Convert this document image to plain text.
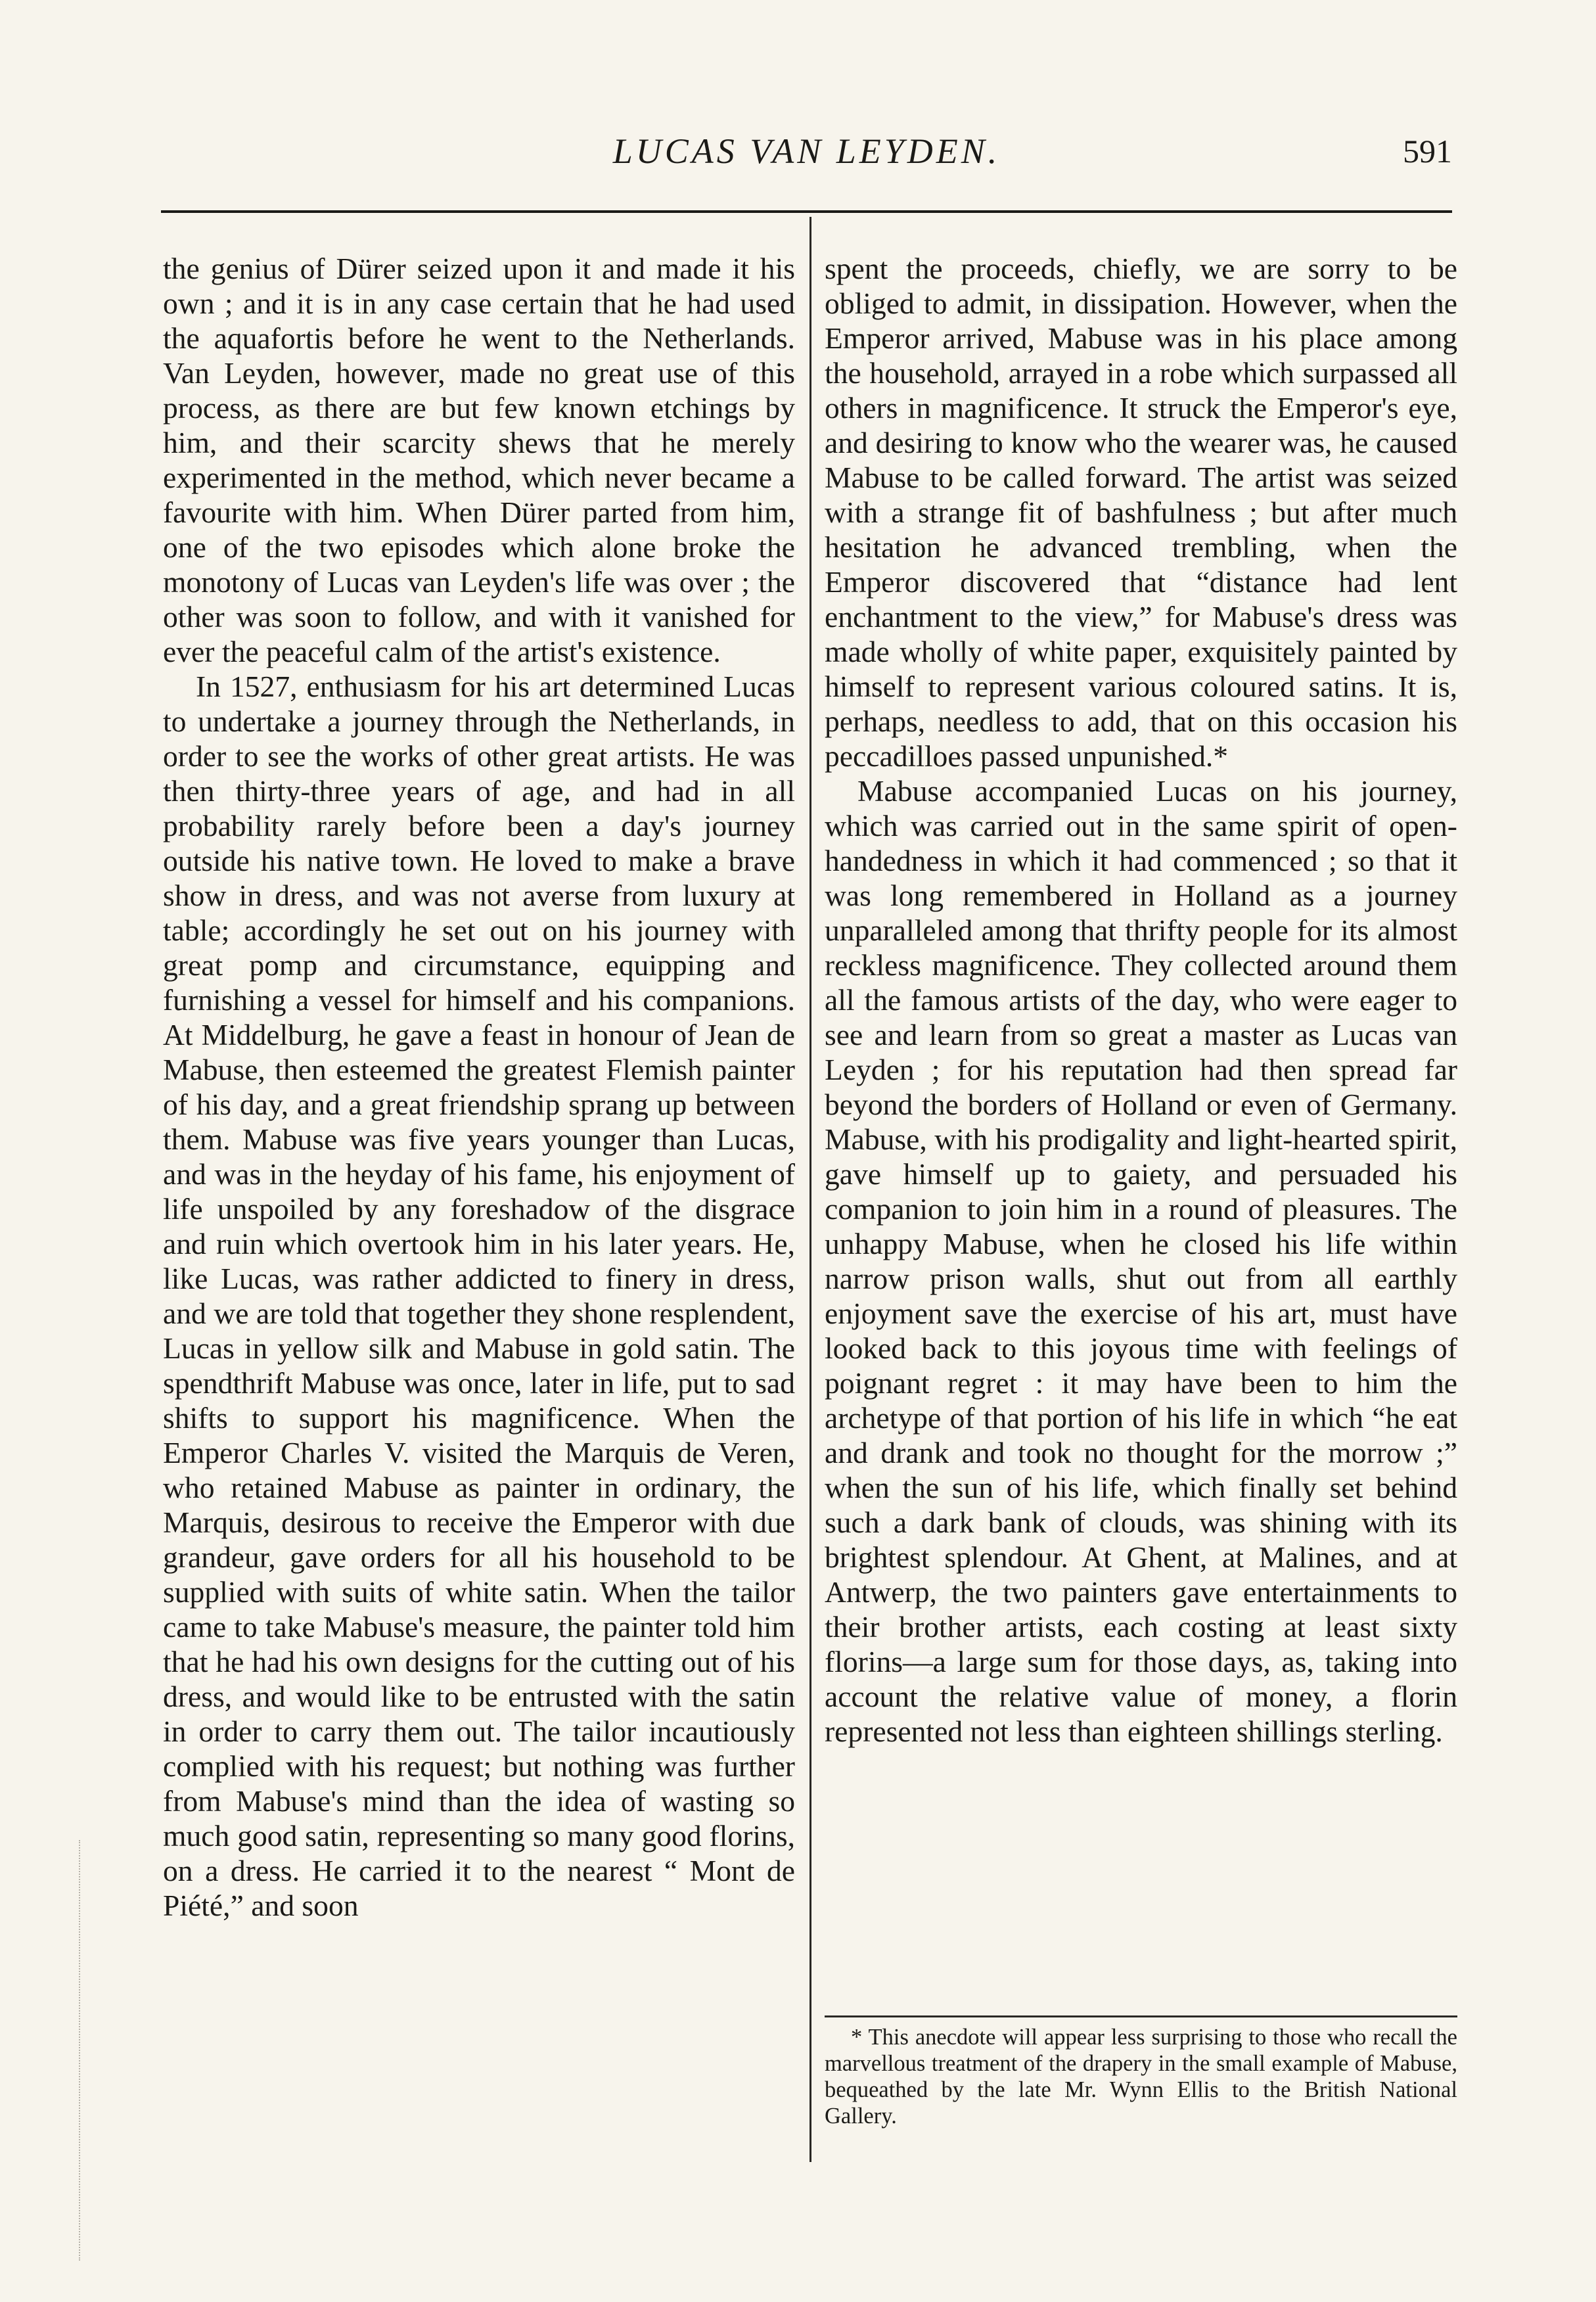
LUCAS VAN LEYDEN.	591

the genius of Dürer seized upon it and made it his own ; and it is in any case certain that he had used the aquafortis before he went to the Netherlands. Van Leyden, however, made no great use of this process, as there are but few known etchings by him, and their scarcity shews that he merely experimented in the method, which never became a favourite with him. When Dürer parted from him, one of the two episodes which alone broke the monotony of Lucas van Leyden's life was over ; the other was soon to follow, and with it vanished for ever the peaceful calm of the artist's existence.

In 1527, enthusiasm for his art determined Lucas to undertake a journey through the Netherlands, in order to see the works of other great artists. He was then thirty-three years of age, and had in all probability rarely before been a day's journey outside his native town. He loved to make a brave show in dress, and was not averse from luxury at table; accordingly he set out on his journey with great pomp and circumstance, equipping and furnishing a vessel for himself and his companions. At Middelburg, he gave a feast in honour of Jean de Mabuse, then esteemed the greatest Flemish painter of his day, and a great friendship sprang up between them. Mabuse was five years younger than Lucas, and was in the heyday of his fame, his enjoyment of life unspoiled by any foreshadow of the disgrace and ruin which overtook him in his later years. He, like Lucas, was rather addicted to finery in dress, and we are told that together they shone resplendent, Lucas in yellow silk and Mabuse in gold satin. The spendthrift Mabuse was once, later in life, put to sad shifts to support his magnificence. When the Emperor Charles V. visited the Marquis de Veren, who retained Mabuse as painter in ordinary, the Marquis, desirous to receive the Emperor with due grandeur, gave orders for all his household to be supplied with suits of white satin. When the tailor came to take Mabuse's measure, the painter told him that he had his own designs for the cutting out of his dress, and would like to be entrusted with the satin in order to carry them out. The tailor incautiously complied with his request; but nothing was further from Mabuse's mind than the idea of wasting so much good satin, representing so many good florins, on a dress. He carried it to the nearest “ Mont de Piété,” and soon

spent the proceeds, chiefly, we are sorry to be obliged to admit, in dissipation. However, when the Emperor arrived, Mabuse was in his place among the household, arrayed in a robe which surpassed all others in magnificence. It struck the Emperor's eye, and desiring to know who the wearer was, he caused Mabuse to be called forward. The artist was seized with a strange fit of bashfulness ; but after much hesitation he advanced trembling, when the Emperor discovered that “distance had lent enchantment to the view,” for Mabuse's dress was made wholly of white paper, exquisitely painted by himself to represent various coloured satins. It is, perhaps, needless to add, that on this occasion his peccadilloes passed unpunished.*

Mabuse accompanied Lucas on his journey, which was carried out in the same spirit of open-handedness in which it had commenced ; so that it was long remembered in Holland as a journey unparalleled among that thrifty people for its almost reckless magnificence. They collected around them all the famous artists of the day, who were eager to see and learn from so great a master as Lucas van Leyden ; for his reputation had then spread far beyond the borders of Holland or even of Germany. Mabuse, with his prodigality and light-hearted spirit, gave himself up to gaiety, and persuaded his companion to join him in a round of pleasures. The unhappy Mabuse, when he closed his life within narrow prison walls, shut out from all earthly enjoyment save the exercise of his art, must have looked back to this joyous time with feelings of poignant regret : it may have been to him the archetype of that portion of his life in which “he eat and drank and took no thought for the morrow ;” when the sun of his life, which finally set behind such a dark bank of clouds, was shining with its brightest splendour. At Ghent, at Malines, and at Antwerp, the two painters gave entertainments to their brother artists, each costing at least sixty florins—a large sum for those days, as, taking into account the relative value of money, a florin represented not less than eighteen shillings sterling.

* This anecdote will appear less surprising to those who recall the marvellous treatment of the drapery in the small example of Mabuse, bequeathed by the late Mr. Wynn Ellis to the British National Gallery.
